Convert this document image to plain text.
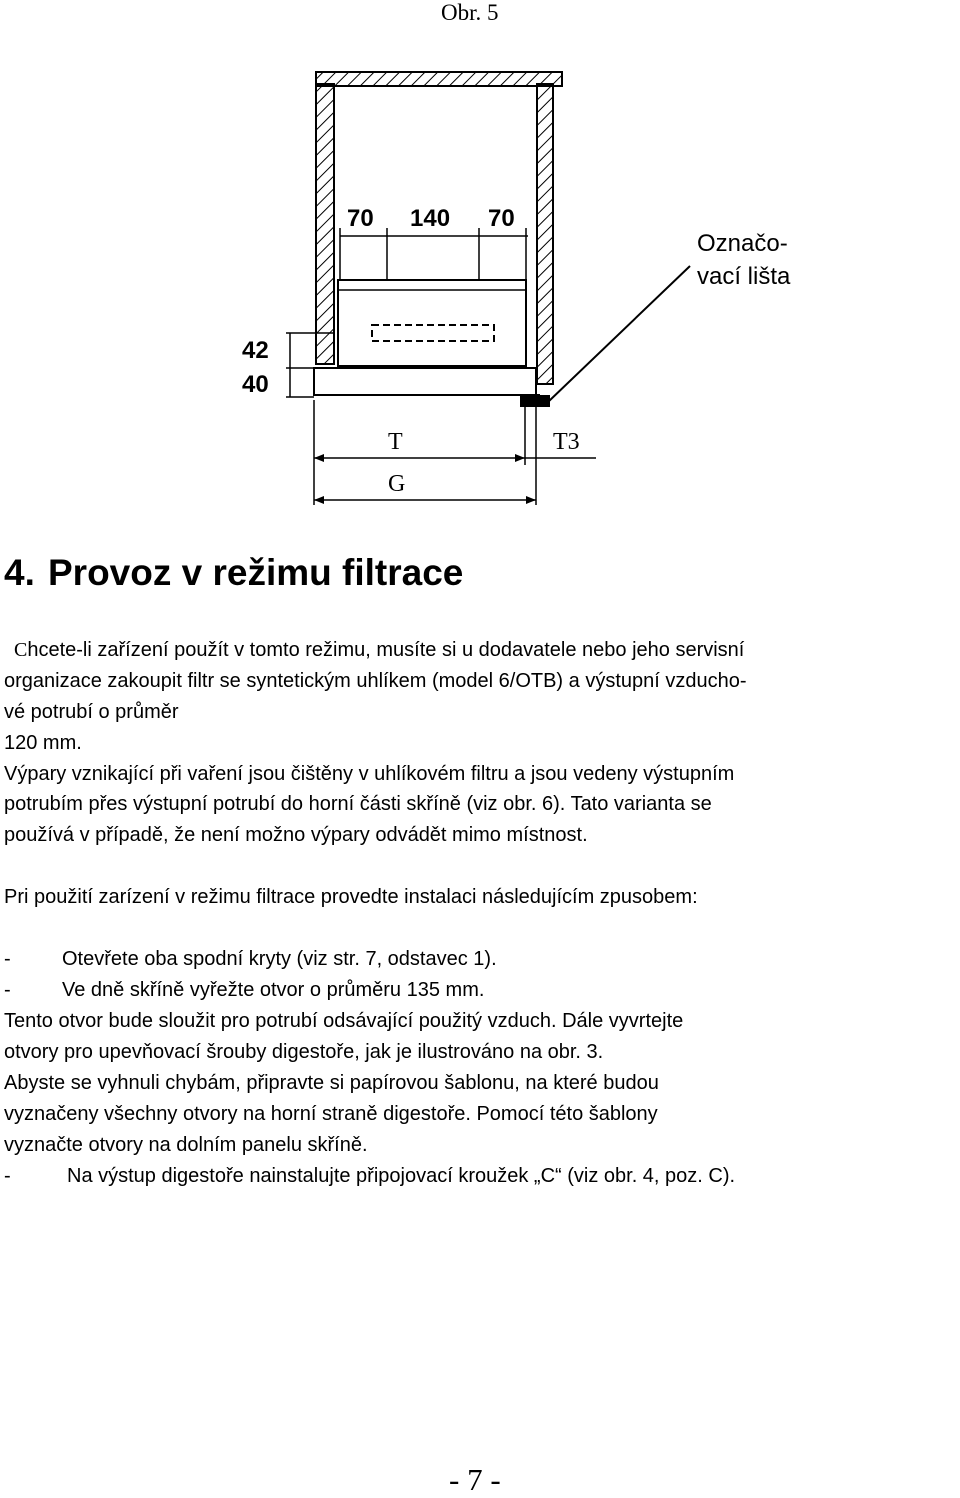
Obr. 5
70 140 70
42
40
T	T3
G
Označo-
vací lišta
4. Provoz v režimu filtrace
Chcete-li zařízení použít v tomto režimu, musíte si u dodavatele nebo jeho servisní
organizace zakoupit filtr se syntetickým uhlíkem (model 6/OTB) a výstupní vzducho-
vé potrubí o průměr
120 mm.
Výpary vznikající při vaření jsou čištěny v uhlíkovém filtru a jsou vedeny výstupním
potrubím přes výstupní potrubí do horní části skříně (viz obr. 6). Tato varianta se
používá v případě, že není možno výpary odvádět mimo místnost.
Pri použití zarízení v režimu filtrace provedte instalaci následujícím zpusobem:
-	Otevřete oba spodní kryty (viz str. 7, odstavec 1).
-	Ve dně skříně vyřežte otvor o průměru 135 mm.
Tento otvor bude sloužit pro potrubí odsávající použitý vzduch. Dále vyvrtejte
otvory pro upevňovací šrouby digestoře, jak je ilustrováno na obr. 3.
Abyste se vyhnuli chybám, připravte si papírovou šablonu, na které budou
vyznačeny všechny otvory na horní straně digestoře. Pomocí této šablony
vyznačte otvory na dolním panelu skříně.
-	Na výstup digestoře nainstalujte připojovací kroužek „C“ (viz obr. 4, poz. C).
- 7 -
